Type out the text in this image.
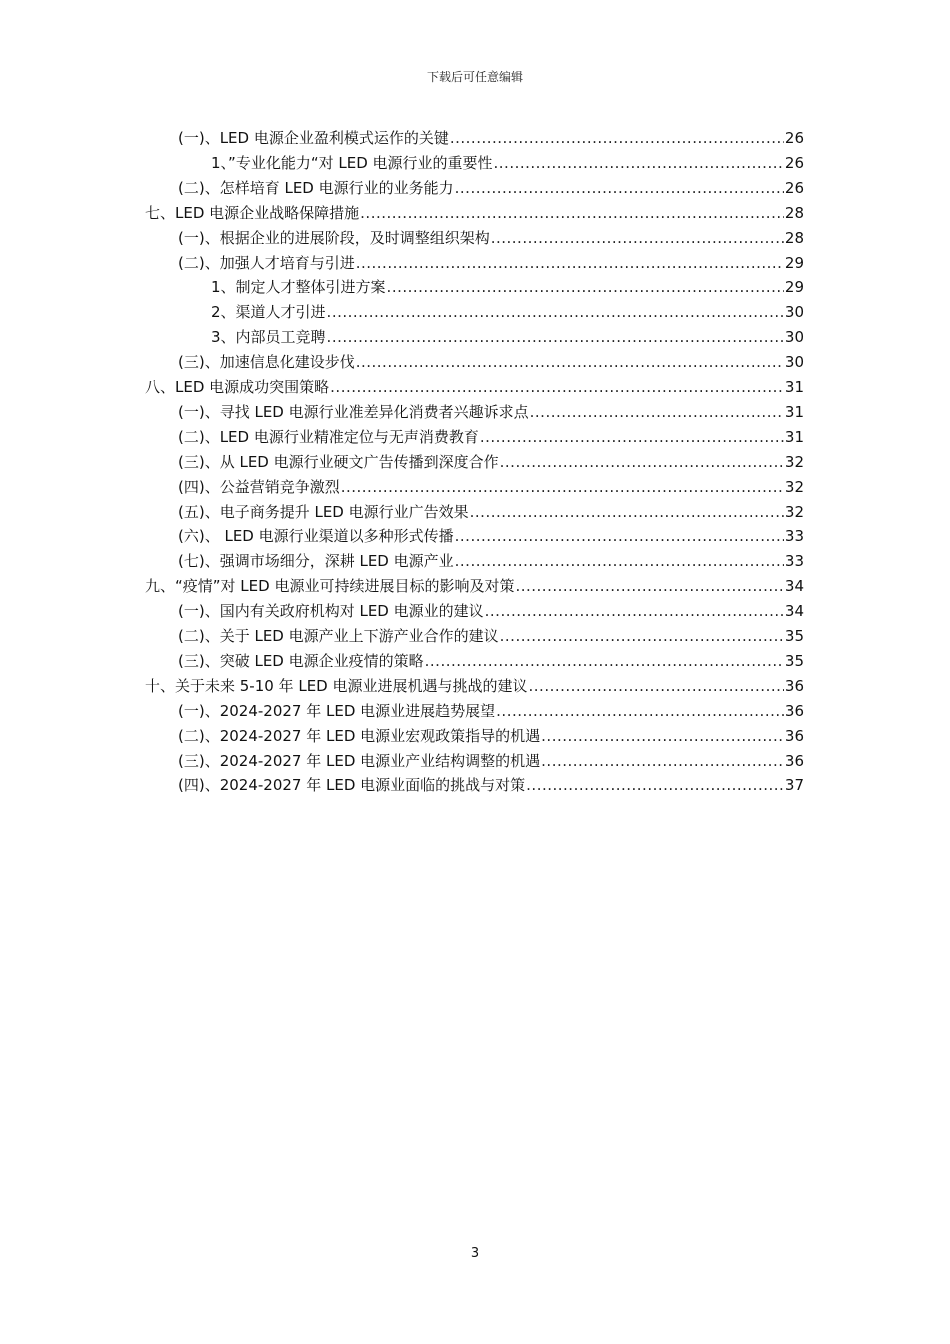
下载后可任意编辑
(一)、LED 电源企业盈利模式运作的关键 .....	26
1、”专业化能力“对 LED 电源行业的重要性 .....	26
(二)、怎样培育 LED 电源行业的业务能力 .....	26
七、LED 电源企业战略保障措施 .....	28
(一)、根据企业的进展阶段，及时调整组织架构 .....	28
(二)、加强人才培育与引进 .....	29
1、制定人才整体引进方案 .....	29
2、渠道人才引进 .....	30
3、内部员工竞聘 .....	30
(三)、加速信息化建设步伐 .....	30
八、LED 电源成功突围策略 .....	31
(一)、寻找 LED 电源行业准差异化消费者兴趣诉求点 .....	31
(二)、LED 电源行业精准定位与无声消费教育 .....	31
(三)、从 LED 电源行业硬文广告传播到深度合作 .....	32
(四)、公益营销竞争激烈 .....	32
(五)、电子商务提升 LED 电源行业广告效果 .....	32
(六)、 LED 电源行业渠道以多种形式传播 .....	33
(七)、强调市场细分，深耕 LED 电源产业 .....	33
九、“疫情”对 LED 电源业可持续进展目标的影响及对策 .....	34
(一)、国内有关政府机构对 LED 电源业的建议 .....	34
(二)、关于 LED 电源产业上下游产业合作的建议 .....	35
(三)、突破 LED 电源企业疫情的策略 .....	35
十、关于未来 5-10 年 LED 电源业进展机遇与挑战的建议 .....	36
(一)、2024-2027 年 LED 电源业进展趋势展望 .....	36
(二)、2024-2027 年 LED 电源业宏观政策指导的机遇 .....	36
(三)、2024-2027 年 LED 电源业产业结构调整的机遇 .....	36
(四)、2024-2027 年 LED 电源业面临的挑战与对策 .....	37
3
